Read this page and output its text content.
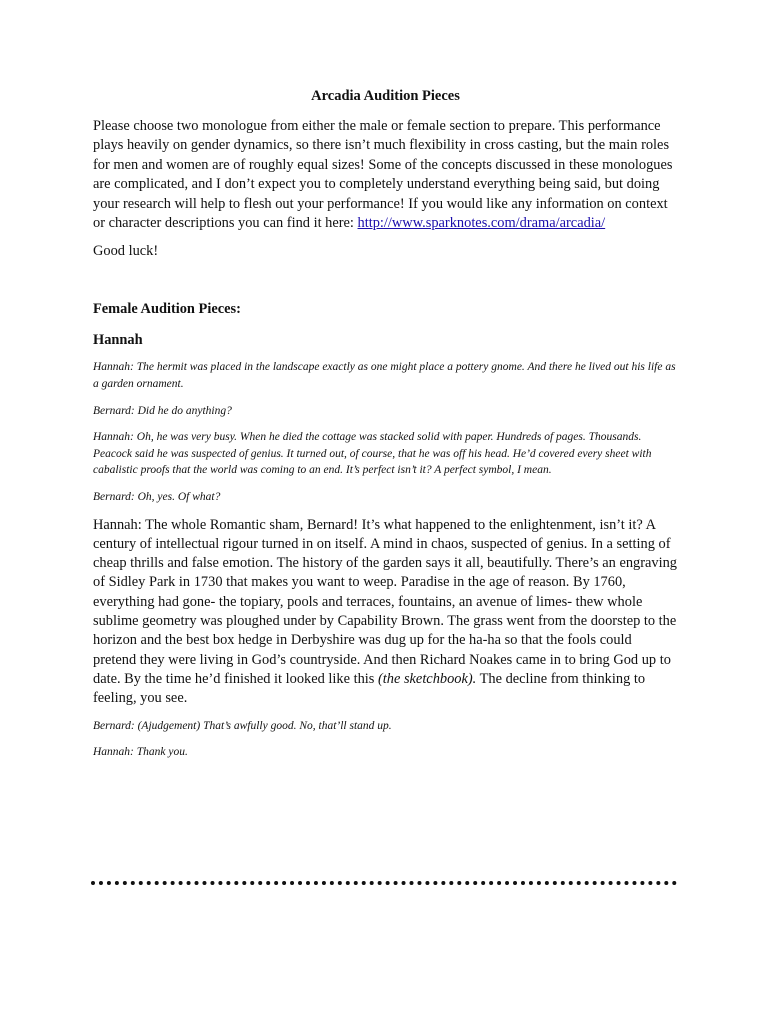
Arcadia Audition Pieces

Please choose two monologue from either the male or female section to prepare. This performance plays heavily on gender dynamics, so there isn’t much flexibility in cross casting, but the main roles for men and women are of roughly equal sizes! Some of the concepts discussed in these monologues are complicated, and I don’t expect you to completely understand everything being said, but doing your research will help to flesh out your performance! If you would like any information on context or character descriptions you can find it here: http://www.sparknotes.com/drama/arcadia/

Good luck!

Female Audition Pieces:

Hannah

Hannah: The hermit was placed in the landscape exactly as one might place a pottery gnome. And there he lived out his life as a garden ornament.

Bernard: Did he do anything?

Hannah: Oh, he was very busy. When he died the cottage was stacked solid with paper. Hundreds of pages. Thousands. Peacock said he was suspected of genius. It turned out, of course, that he was off his head. He’d covered every sheet with cabalistic proofs that the world was coming to an end. It’s perfect isn’t it? A perfect symbol, I mean.

Bernard: Oh, yes. Of what?

Hannah: The whole Romantic sham, Bernard! It’s what happened to the enlightenment, isn’t it? A century of intellectual rigour turned in on itself. A mind in chaos, suspected of genius. In a setting of cheap thrills and false emotion. The history of the garden says it all, beautifully. There’s an engraving of Sidley Park in 1730 that makes you want to weep. Paradise in the age of reason. By 1760, everything had gone- the topiary, pools and terraces, fountains, an avenue of limes- thew whole sublime geometry was ploughed under by Capability Brown. The grass went from the doorstep to the horizon and the best box hedge in Derbyshire was dug up for the ha-ha so that the fools could pretend they were living in God’s countryside. And then Richard Noakes came in to bring God up to date. By the time he’d finished it looked like this (the sketchbook). The decline from thinking to feeling, you see.

Bernard: (Ajudgement) That’s awfully good. No, that’ll stand up.

Hannah: Thank you.
